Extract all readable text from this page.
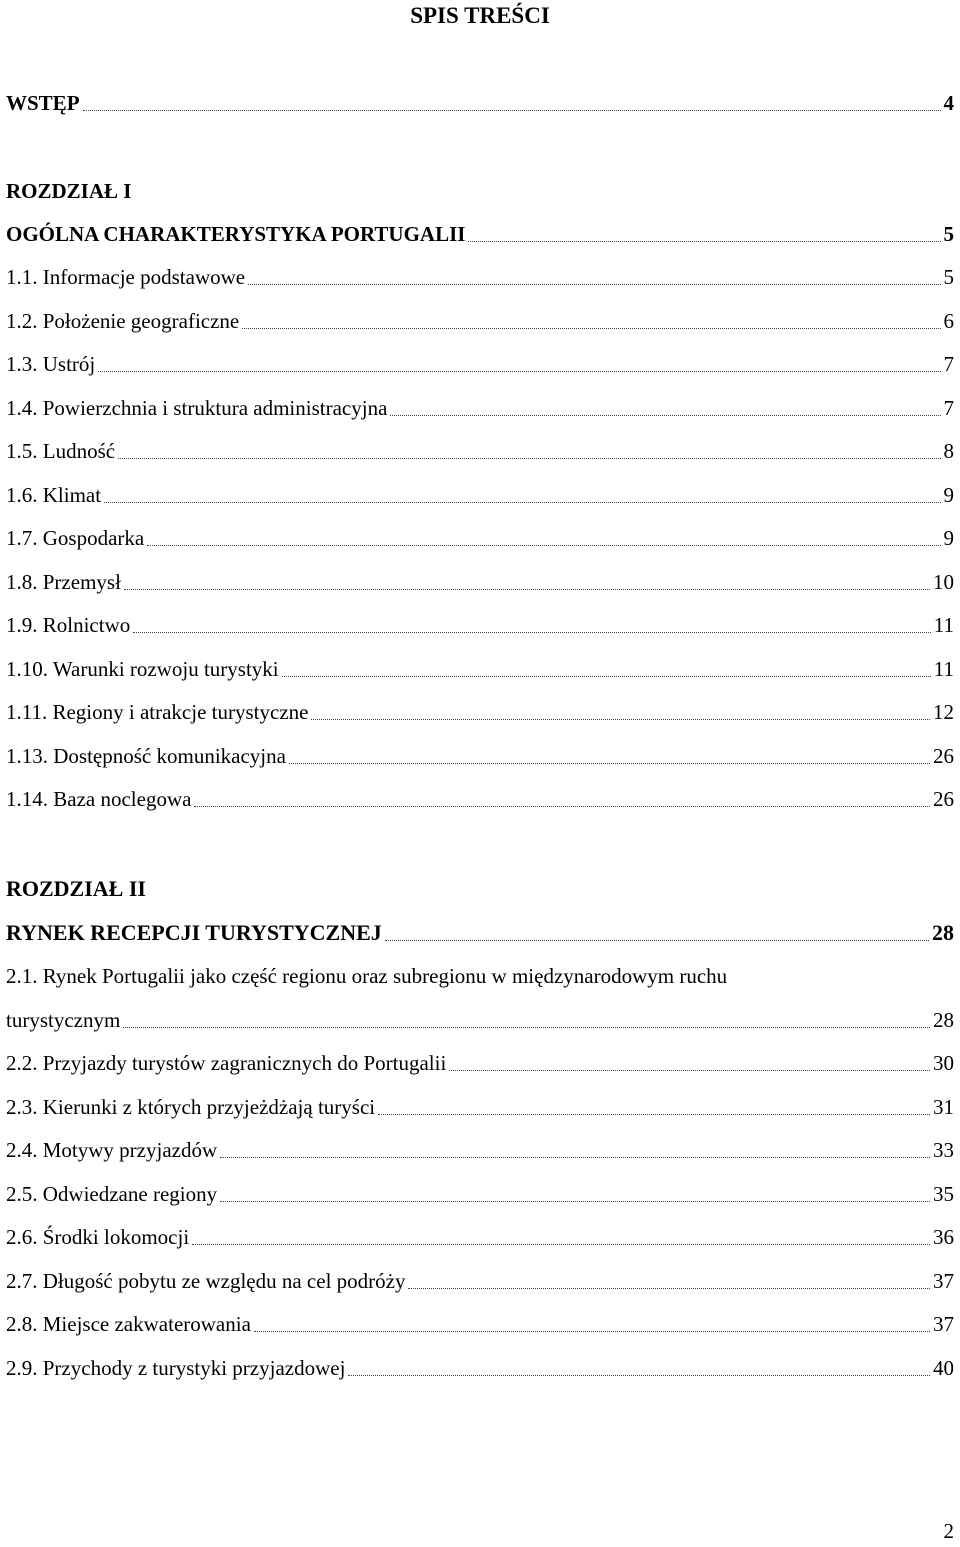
SPIS TREŚCI
WSTĘP	4
ROZDZIAŁ I
OGÓLNA CHARAKTERYSTYKA PORTUGALII	5
1.1. Informacje podstawowe	5
1.2. Położenie geograficzne	6
1.3. Ustrój	7
1.4. Powierzchnia i struktura administracyjna	7
1.5. Ludność	8
1.6. Klimat	9
1.7. Gospodarka	9
1.8. Przemysł	10
1.9. Rolnictwo	11
1.10. Warunki rozwoju turystyki	11
1.11. Regiony i atrakcje turystyczne	12
1.13. Dostępność komunikacyjna	26
1.14. Baza noclegowa	26
ROZDZIAŁ II
RYNEK RECEPCJI TURYSTYCZNEJ	28
2.1. Rynek Portugalii jako część regionu oraz subregionu w międzynarodowym ruchu
turystycznym	28
2.2. Przyjazdy turystów zagranicznych do Portugalii	30
2.3. Kierunki z których przyjeżdżają turyści	31
2.4. Motywy przyjazdów	33
2.5. Odwiedzane regiony	35
2.6. Środki lokomocji	36
2.7. Długość pobytu ze względu na cel podróży	37
2.8. Miejsce zakwaterowania	37
2.9. Przychody z turystyki przyjazdowej	40
2
